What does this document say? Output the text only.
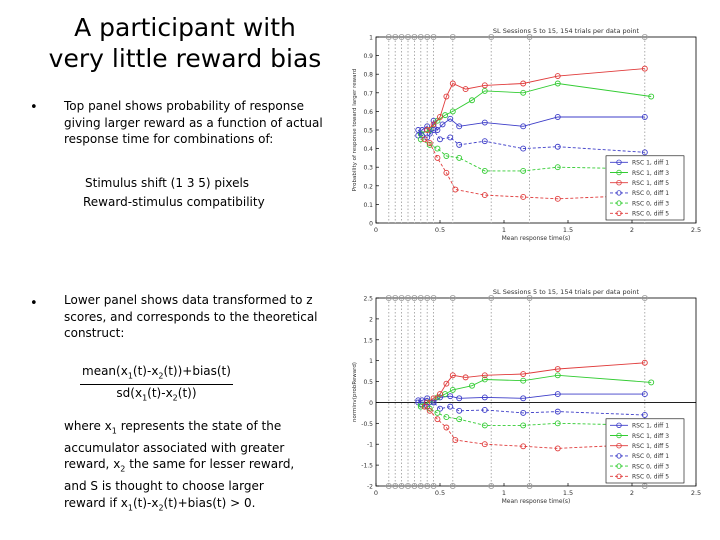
A participant with
very little reward bias
• Top panel shows probability of response giving larger reward as a function of actual response time for combinations of:
Stimulus shift (1 3 5) pixels
Reward-stimulus compatibility
• Lower panel shows data transformed to z scores, and corresponds to the theoretical construct:
$mean(x_1(t)-x_2(t))+bias(t)$
$sd(x_1(t)-x_2(t))$
where $x_1$ represents the state of the accumulator associated with greater reward, $x_2$ the same for lesser reward, and S is thought to choose larger reward if $x_1(t)-x_2(t)+bias(t) > 0$.
0	0.5	1	1.5	2	2.5
0
0.1
0.2
0.3
0.4
0.5
0.6
0.7
0.8
0.9
1
SL Sessions 5 to 15, 154 trials per data point
Mean response time(s)
Probability of response toward larger reward	RSC 1, diff 1
RSC 1, diff 3
RSC 1, diff 5
RSC 0, diff 1
RSC 0, diff 3
RSC 0, diff 5
0	0.5	1	1.5	2	2.5
-2
-1.5
-1
-0.5
0
0.5
1
1.5
2
2.5
SL Sessions 5 to 15, 154 trials per data point
Mean response time(s)
norminv(probReward)
RSC 1, diff 1
RSC 1, diff 3
RSC 1, diff 5
RSC 0, diff 1
RSC 0, diff 3
RSC 0, diff 5
